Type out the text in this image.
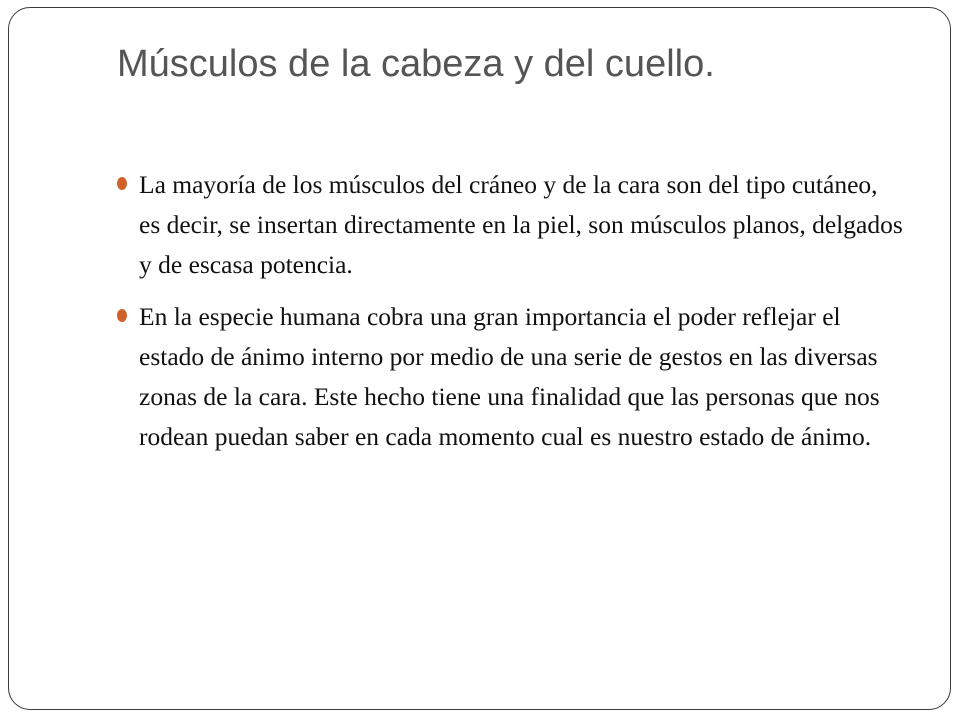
Músculos de la cabeza y del cuello.
La mayoría de los músculos del cráneo y de la cara son del tipo cutáneo, es decir, se insertan directamente en la piel, son músculos planos, delgados y de escasa potencia.
En la especie humana cobra una gran importancia el poder reflejar el estado de ánimo interno por medio de una serie de gestos en las diversas zonas de la cara. Este hecho tiene una finalidad que las personas que nos rodean puedan saber en cada momento cual es nuestro estado de ánimo.
